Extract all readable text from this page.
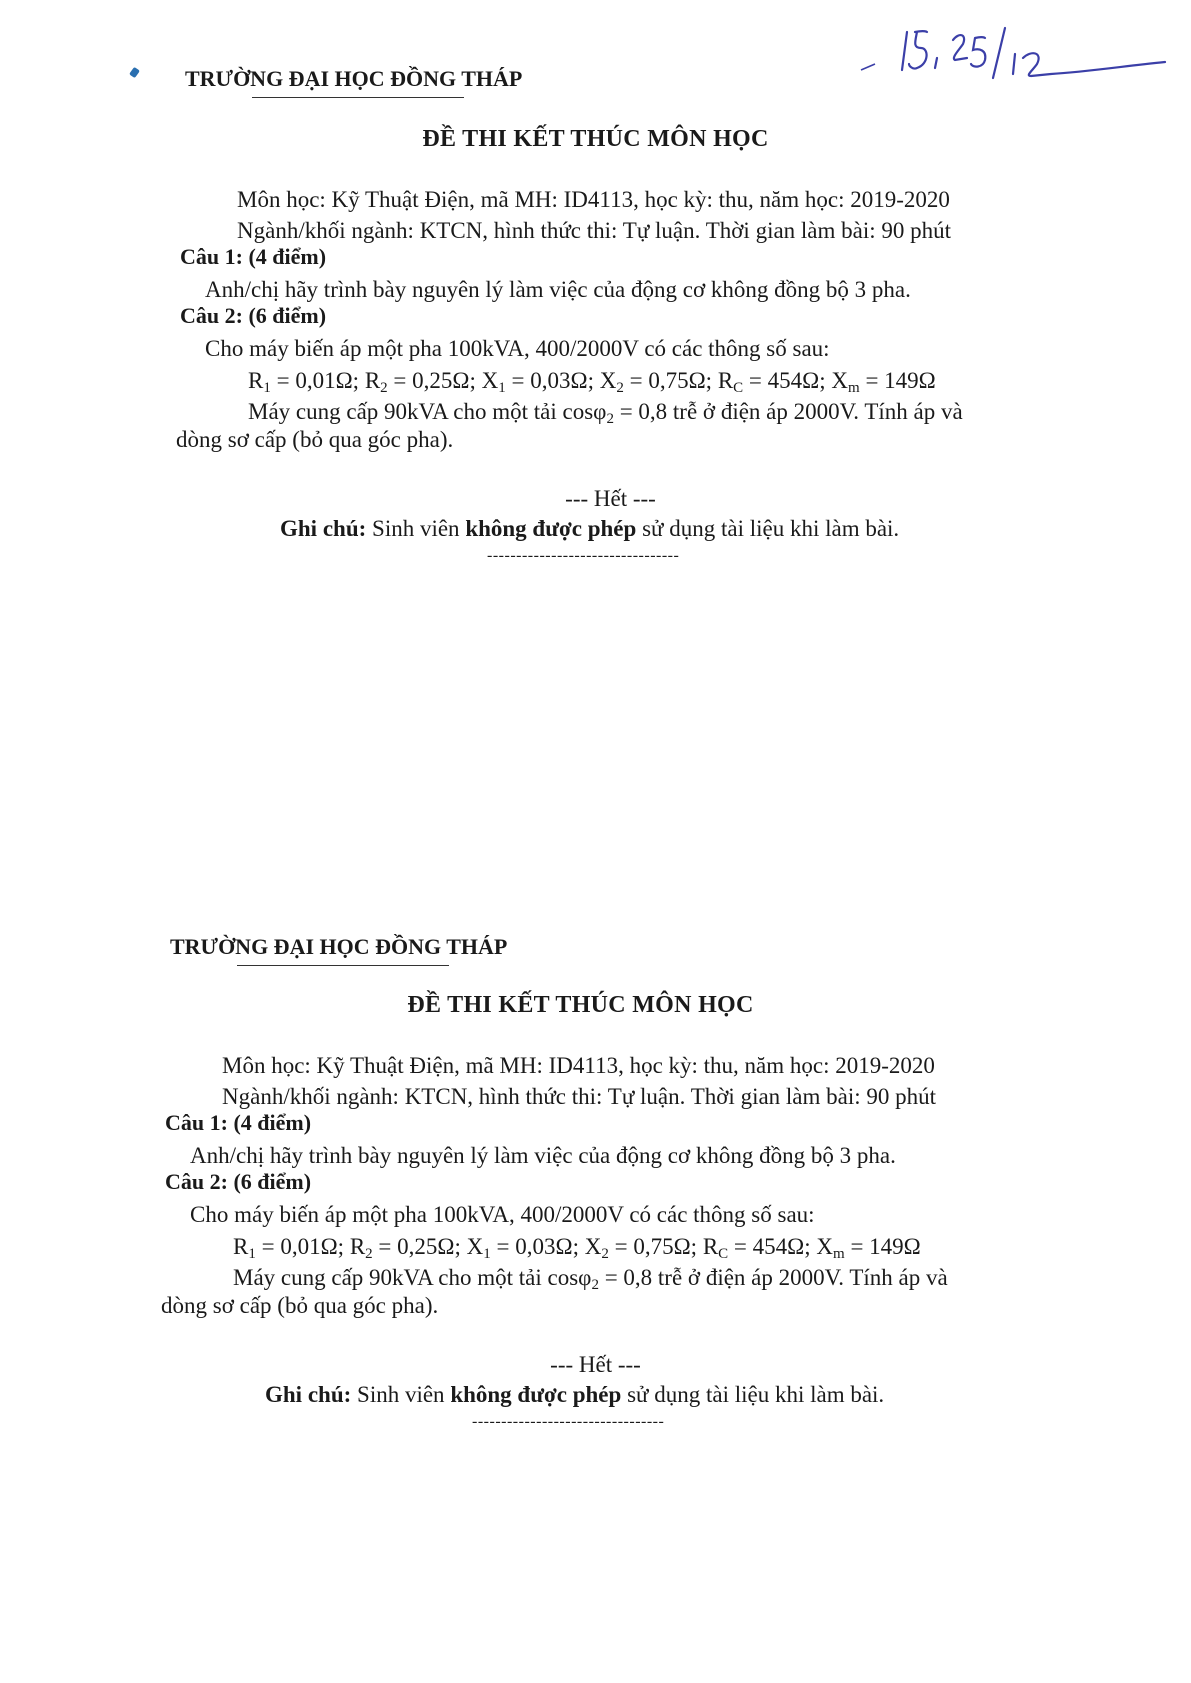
TRƯỜNG ĐẠI HỌC ĐỒNG THÁP
ĐỀ THI KẾT THÚC MÔN HỌC
Môn học: Kỹ Thuật Điện, mã MH: ID4113, học kỳ: thu, năm học: 2019-2020
Ngành/khối ngành: KTCN, hình thức thi: Tự luận. Thời gian làm bài: 90 phút
Câu 1: (4 điểm)
Anh/chị hãy trình bày nguyên lý làm việc của động cơ không đồng bộ 3 pha.
Câu 2: (6 điểm)
Cho máy biến áp một pha 100kVA, 400/2000V có các thông số sau:
$R_1 = 0,01\Omega$; $R_2 = 0,25\Omega$; $X_1 = 0,03\Omega$; $X_2 = 0,75\Omega$; $R_C = 454\Omega$; $X_m = 149\Omega$
Máy cung cấp 90kVA cho một tải cosφ$_2$ = 0,8 trễ ở điện áp 2000V. Tính áp và
dòng sơ cấp (bỏ qua góc pha).
--- Hết ---
Ghi chú: Sinh viên không được phép sử dụng tài liệu khi làm bài.
---------------------------------
TRƯỜNG ĐẠI HỌC ĐỒNG THÁP
ĐỀ THI KẾT THÚC MÔN HỌC
Môn học: Kỹ Thuật Điện, mã MH: ID4113, học kỳ: thu, năm học: 2019-2020
Ngành/khối ngành: KTCN, hình thức thi: Tự luận. Thời gian làm bài: 90 phút
Câu 1: (4 điểm)
Anh/chị hãy trình bày nguyên lý làm việc của động cơ không đồng bộ 3 pha.
Câu 2: (6 điểm)
Cho máy biến áp một pha 100kVA, 400/2000V có các thông số sau:
$R_1 = 0,01\Omega$; $R_2 = 0,25\Omega$; $X_1 = 0,03\Omega$; $X_2 = 0,75\Omega$; $R_C = 454\Omega$; $X_m = 149\Omega$
Máy cung cấp 90kVA cho một tải cosφ$_2$ = 0,8 trễ ở điện áp 2000V. Tính áp và
dòng sơ cấp (bỏ qua góc pha).
--- Hết ---
Ghi chú: Sinh viên không được phép sử dụng tài liệu khi làm bài.
---------------------------------
